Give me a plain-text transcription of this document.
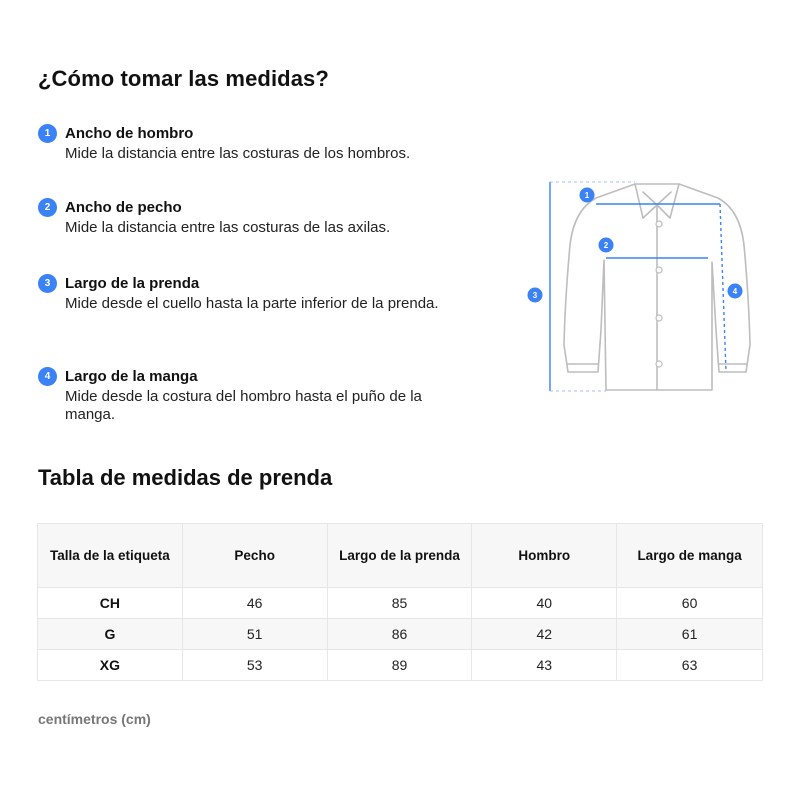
¿Cómo tomar las medidas?
1 Ancho de hombro

Mide la distancia entre las costuras de los hombros.

2 Ancho de pecho

Mide la distancia entre las costuras de las axilas.

3 Largo de la prenda

Mide desde el cuello hasta la parte inferior de la prenda.

4 Largo de la manga

Mide desde la costura del hombro hasta el puño de la manga.

1
2
3	4
Tabla de medidas de prenda
Talla de la etiqueta	Pecho	Largo de la prenda	Hombro	Largo de manga
CH	46	85	40	60
G	51	86	42	61
XG	53	89	43	63
centímetros (cm)
